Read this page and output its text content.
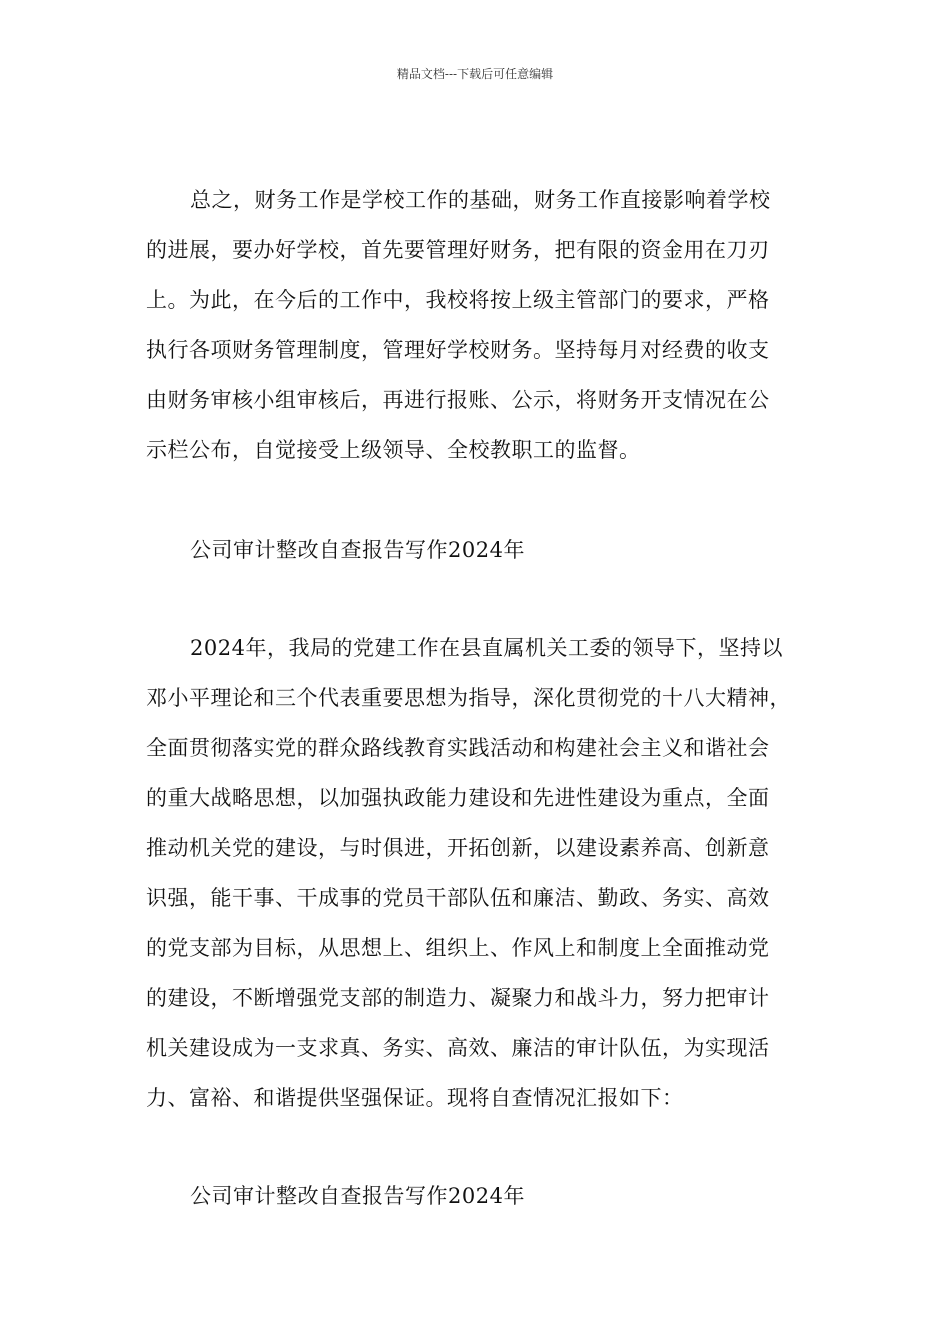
精品文档---下载后可任意编辑
总之，财务工作是学校工作的基础，财务工作直接影响着学校
的进展，要办好学校，首先要管理好财务，把有限的资金用在刀刃
上。为此，在今后的工作中，我校将按上级主管部门的要求，严格
执行各项财务管理制度，管理好学校财务。坚持每月对经费的收支
由财务审核小组审核后，再进行报账、公示，将财务开支情况在公
示栏公布，自觉接受上级领导、全校教职工的监督。
公司审计整改自查报告写作2024年
2024年，我局的党建工作在县直属机关工委的领导下，坚持以
邓小平理论和三个代表重要思想为指导，深化贯彻党的十八大精神，
全面贯彻落实党的群众路线教育实践活动和构建社会主义和谐社会
的重大战略思想，以加强执政能力建设和先进性建设为重点，全面
推动机关党的建设，与时俱进，开拓创新，以建设素养高、创新意
识强，能干事、干成事的党员干部队伍和廉洁、勤政、务实、高效
的党支部为目标，从思想上、组织上、作风上和制度上全面推动党
的建设，不断增强党支部的制造力、凝聚力和战斗力，努力把审计
机关建设成为一支求真、务实、高效、廉洁的审计队伍，为实现活
力、富裕、和谐提供坚强保证。现将自查情况汇报如下：
公司审计整改自查报告写作2024年
